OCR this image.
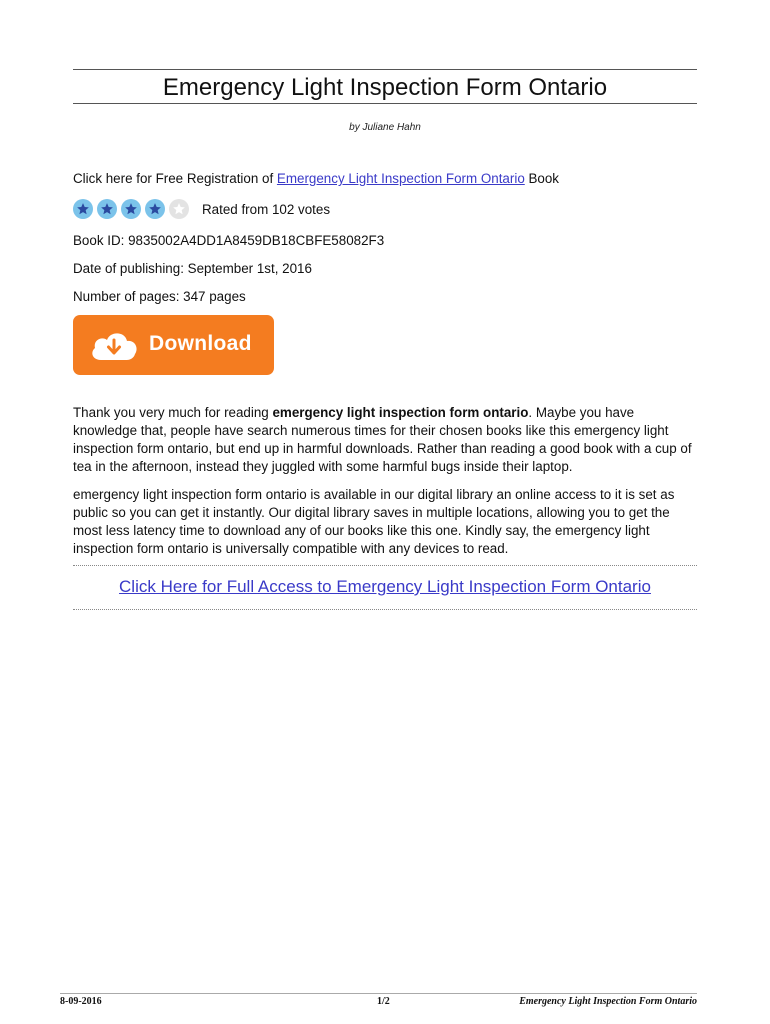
Emergency Light Inspection Form Ontario
by Juliane Hahn
Click here for Free Registration of Emergency Light Inspection Form Ontario Book
Rated from 102 votes
Book ID: 9835002A4DD1A8459DB18CBFE58082F3
Date of publishing: September 1st, 2016
Number of pages: 347 pages
Download

Thank you very much for reading emergency light inspection form ontario. Maybe you have knowledge that, people have search numerous times for their chosen books like this emergency light inspection form ontario, but end up in harmful downloads. Rather than reading a good book with a cup of tea in the afternoon, instead they juggled with some harmful bugs inside their laptop.

emergency light inspection form ontario is available in our digital library an online access to it is set as public so you can get it instantly. Our digital library saves in multiple locations, allowing you to get the most less latency time to download any of our books like this one. Kindly say, the emergency light inspection form ontario is universally compatible with any devices to read.

Click Here for Full Access to Emergency Light Inspection Form Ontario
8-09-2016	1/2	Emergency Light Inspection Form Ontario
